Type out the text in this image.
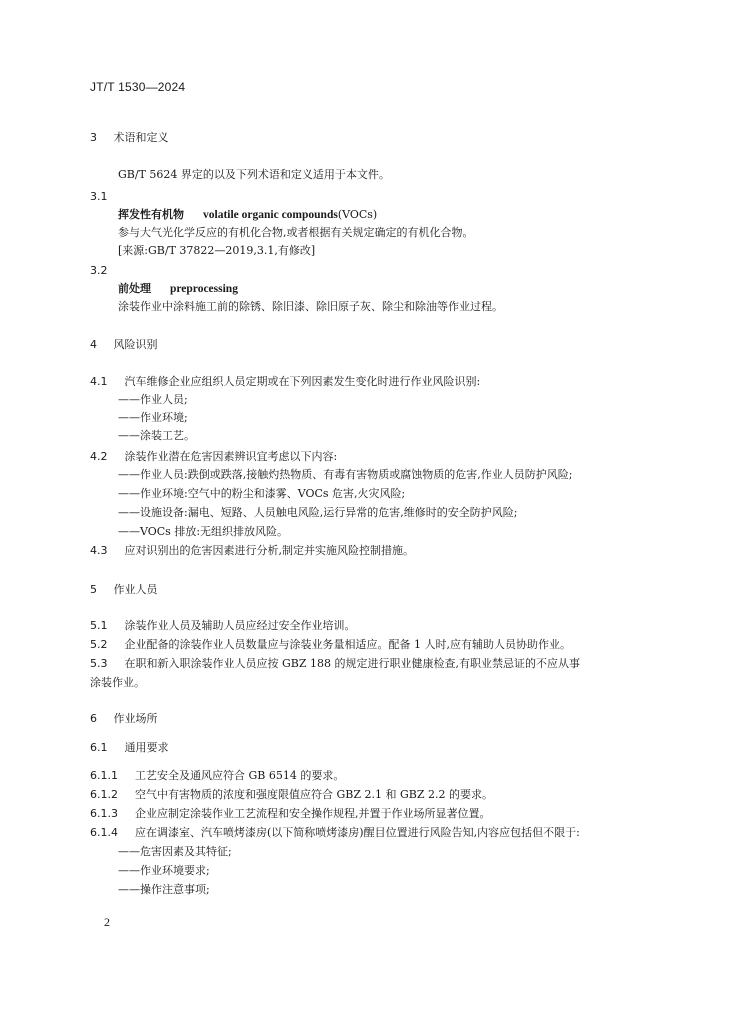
JT/T 1530—2024
3 术语和定义
GB/T 5624 界定的以及下列术语和定义适用于本文件。
3.1
挥发性有机物 volatile organic compounds(VOCs)
参与大气光化学反应的有机化合物,或者根据有关规定确定的有机化合物。
[来源:GB/T 37822—2019,3.1,有修改]
3.2
前处理 preprocessing
涂装作业中涂料施工前的除锈、除旧漆、除旧原子灰、除尘和除油等作业过程。
4 风险识别
4.1 汽车维修企业应组织人员定期或在下列因素发生变化时进行作业风险识别:
——作业人员;
——作业环境;
——涂装工艺。
4.2 涂装作业潜在危害因素辨识宜考虑以下内容:
——作业人员:跌倒或跌落,接触灼热物质、有毒有害物质或腐蚀物质的危害,作业人员防护风险;
——作业环境:空气中的粉尘和漆雾、VOCs 危害,火灾风险;
——设施设备:漏电、短路、人员触电风险,运行异常的危害,维修时的安全防护风险;
——VOCs 排放:无组织排放风险。
4.3 应对识别出的危害因素进行分析,制定并实施风险控制措施。
5 作业人员
5.1 涂装作业人员及辅助人员应经过安全作业培训。
5.2 企业配备的涂装作业人员数量应与涂装业务量相适应。配备 1 人时,应有辅助人员协助作业。
5.3 在职和新入职涂装作业人员应按 GBZ 188 的规定进行职业健康检查,有职业禁忌证的不应从事
涂装作业。
6 作业场所
6.1 通用要求
6.1.1 工艺安全及通风应符合 GB 6514 的要求。
6.1.2 空气中有害物质的浓度和强度限值应符合 GBZ 2.1 和 GBZ 2.2 的要求。
6.1.3 企业应制定涂装作业工艺流程和安全操作规程,并置于作业场所显著位置。
6.1.4 应在调漆室、汽车喷烤漆房(以下简称喷烤漆房)醒目位置进行风险告知,内容应包括但不限于:
——危害因素及其特征;
——作业环境要求;
——操作注意事项;
2
